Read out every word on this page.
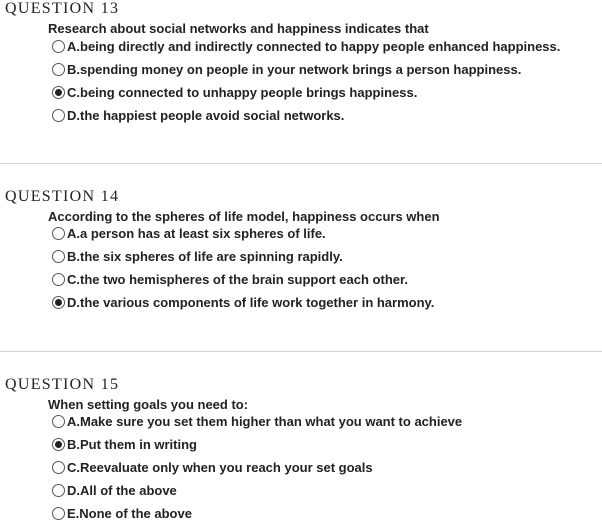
QUESTION 13
Research about social networks and happiness indicates that
A.being directly and indirectly connected to happy people enhanced happiness.
B.spending money on people in your network brings a person happiness.
C.being connected to unhappy people brings happiness.
D.the happiest people avoid social networks.
QUESTION 14
According to the spheres of life model, happiness occurs when
A.a person has at least six spheres of life.
B.the six spheres of life are spinning rapidly.
C.the two hemispheres of the brain support each other.
D.the various components of life work together in harmony.
QUESTION 15
When setting goals you need to:
A.Make sure you set them higher than what you want to achieve
B.Put them in writing
C.Reevaluate only when you reach your set goals
D.All of the above
E.None of the above
